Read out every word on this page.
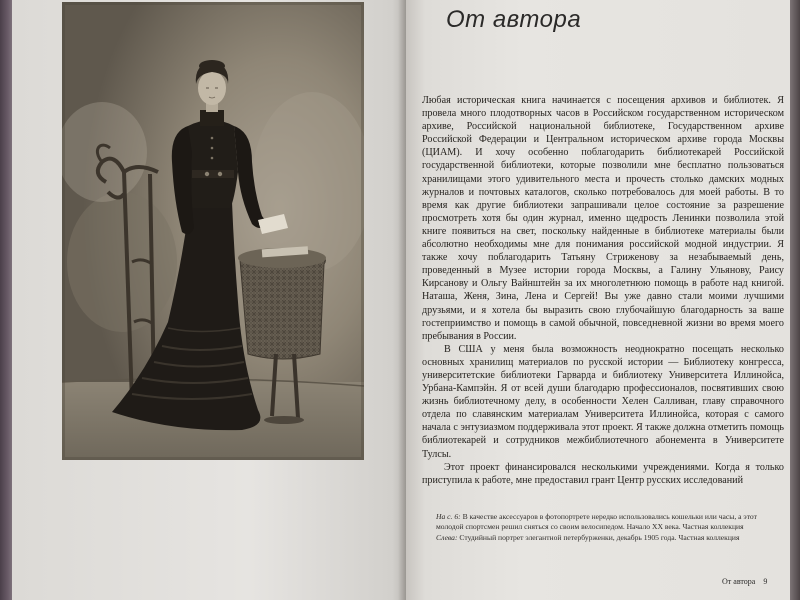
От автора

Любая историческая книга начинается с посещения архивов и библиотек. Я провела много плодотворных часов в Российском государственном историческом архиве, Российской национальной библиотеке, Государственном архиве Российской Федерации и Центральном историческом архиве города Москвы (ЦИАМ). И хочу особенно поблагодарить библиотекарей Российской государственной библиотеки, которые позволили мне бесплатно пользоваться хранилищами этого удивительного места и прочесть столько дамских модных журналов и почтовых каталогов, сколько потребовалось для моей работы. В то время как другие библиотеки запрашивали целое состояние за разрешение просмотреть хотя бы один журнал, именно щедрость Ленинки позволила этой книге появиться на свет, поскольку найденные в библиотеке материалы были абсолютно необходимы мне для понимания российской модной индустрии. Я также хочу поблагодарить Татьяну Стриженову за незабываемый день, проведенный в Музее истории города Москвы, а Галину Ульянову, Раису Кирсанову и Ольгу Вайнштейн за их многолетнюю помощь в работе над книгой. Наташа, Женя, Зина, Лена и Сергей! Вы уже давно стали моими лучшими друзьями, и я хотела бы выразить свою глубочайшую благодарность за ваше гостеприимство и помощь в самой обычной, повседневной жизни во время моего пребывания в России.

В США у меня была возможность неоднократно посещать несколько основных хранилищ материалов по русской истории — Библиотеку конгресса, университетские библиотеки Гарварда и библиотеку Университета Иллинойса, Урбана-Кампэйн. Я от всей души благодарю профессионалов, посвятивших свою жизнь библиотечному делу, в особенности Хелен Салливан, главу справочного отдела по славянским материалам Университета Иллинойса, которая с самого начала с энтузиазмом поддерживала этот проект. Я также должна отметить помощь библиотекарей и сотрудников межбиблиотечного абонемента в Университете Тулсы.

Этот проект финансировался несколькими учреждениями. Когда я только приступила к работе, мне предоставил грант Центр русских исследований

На с. 6: В качестве аксессуаров в фотопортрете нередко использовались кошельки или часы, а этот молодой спортсмен решил сняться со своим велосипедом. Начало XX века. Частная коллекция

Слева: Студийный портрет элегантной петербурженки, декабрь 1905 года. Частная коллекция

От автора 9
